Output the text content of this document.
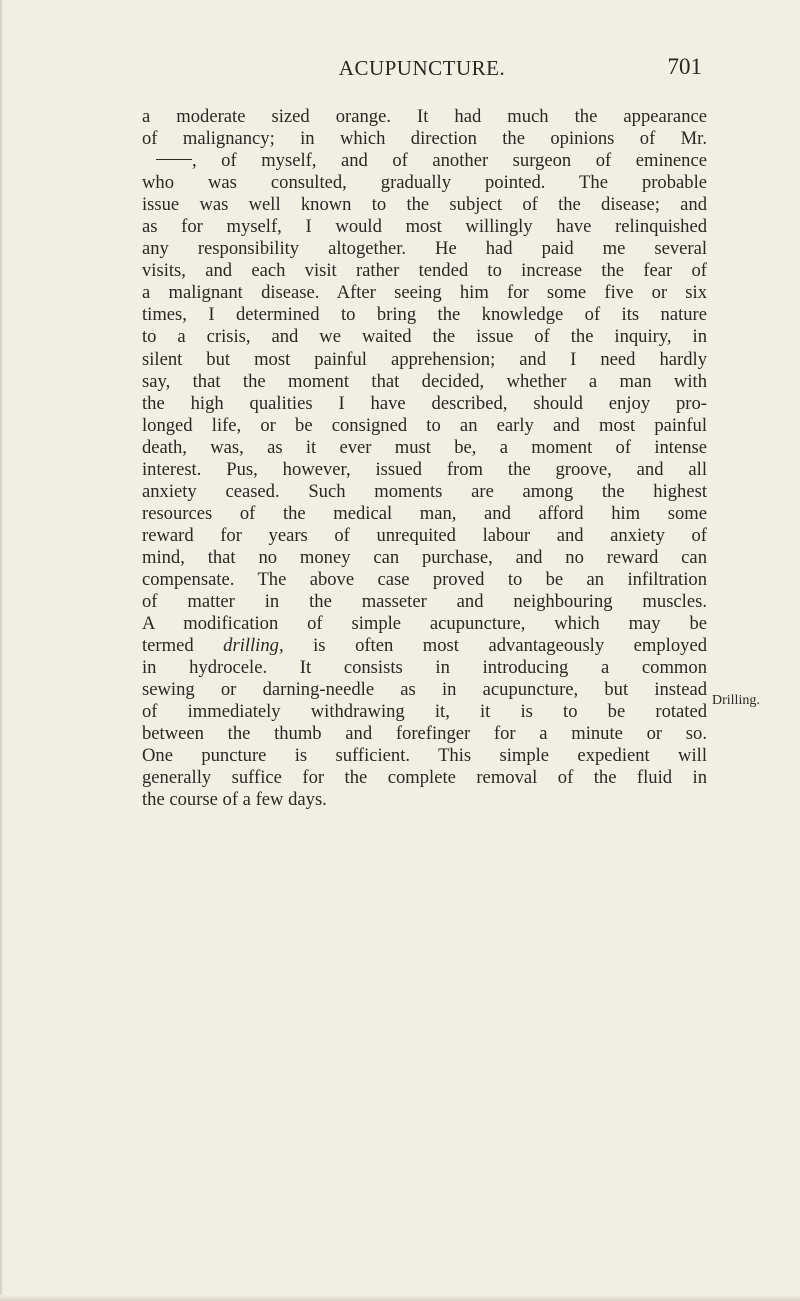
ACUPUNCTURE.	701
a moderate sized orange. It had much the appearance
of malignancy; in which direction the opinions of Mr.
, of myself, and of another surgeon of eminence
who was consulted, gradually pointed. The probable
issue was well known to the subject of the disease; and
as for myself, I would most willingly have relinquished
any responsibility altogether. He had paid me several
visits, and each visit rather tended to increase the fear of
a malignant disease. After seeing him for some five or six
times, I determined to bring the knowledge of its nature
to a crisis, and we waited the issue of the inquiry, in
silent but most painful apprehension; and I need hardly
say, that the moment that decided, whether a man with
the high qualities I have described, should enjoy pro-
longed life, or be consigned to an early and most painful
death, was, as it ever must be, a moment of intense
interest. Pus, however, issued from the groove, and all
anxiety ceased. Such moments are among the highest
resources of the medical man, and afford him some
reward for years of unrequited labour and anxiety of
mind, that no money can purchase, and no reward can
compensate. The above case proved to be an infiltration
of matter in the masseter and neighbouring muscles.
A modification of simple acupuncture, which may be
termed drilling, is often most advantageously employed
in hydrocele. It consists in introducing a common
sewing or darning-needle as in acupuncture, but instead
of immediately withdrawing it, it is to be rotated
between the thumb and forefinger for a minute or so.
One puncture is sufficient. This simple expedient will
generally suffice for the complete removal of the fluid in
the course of a few days.
Drilling.
